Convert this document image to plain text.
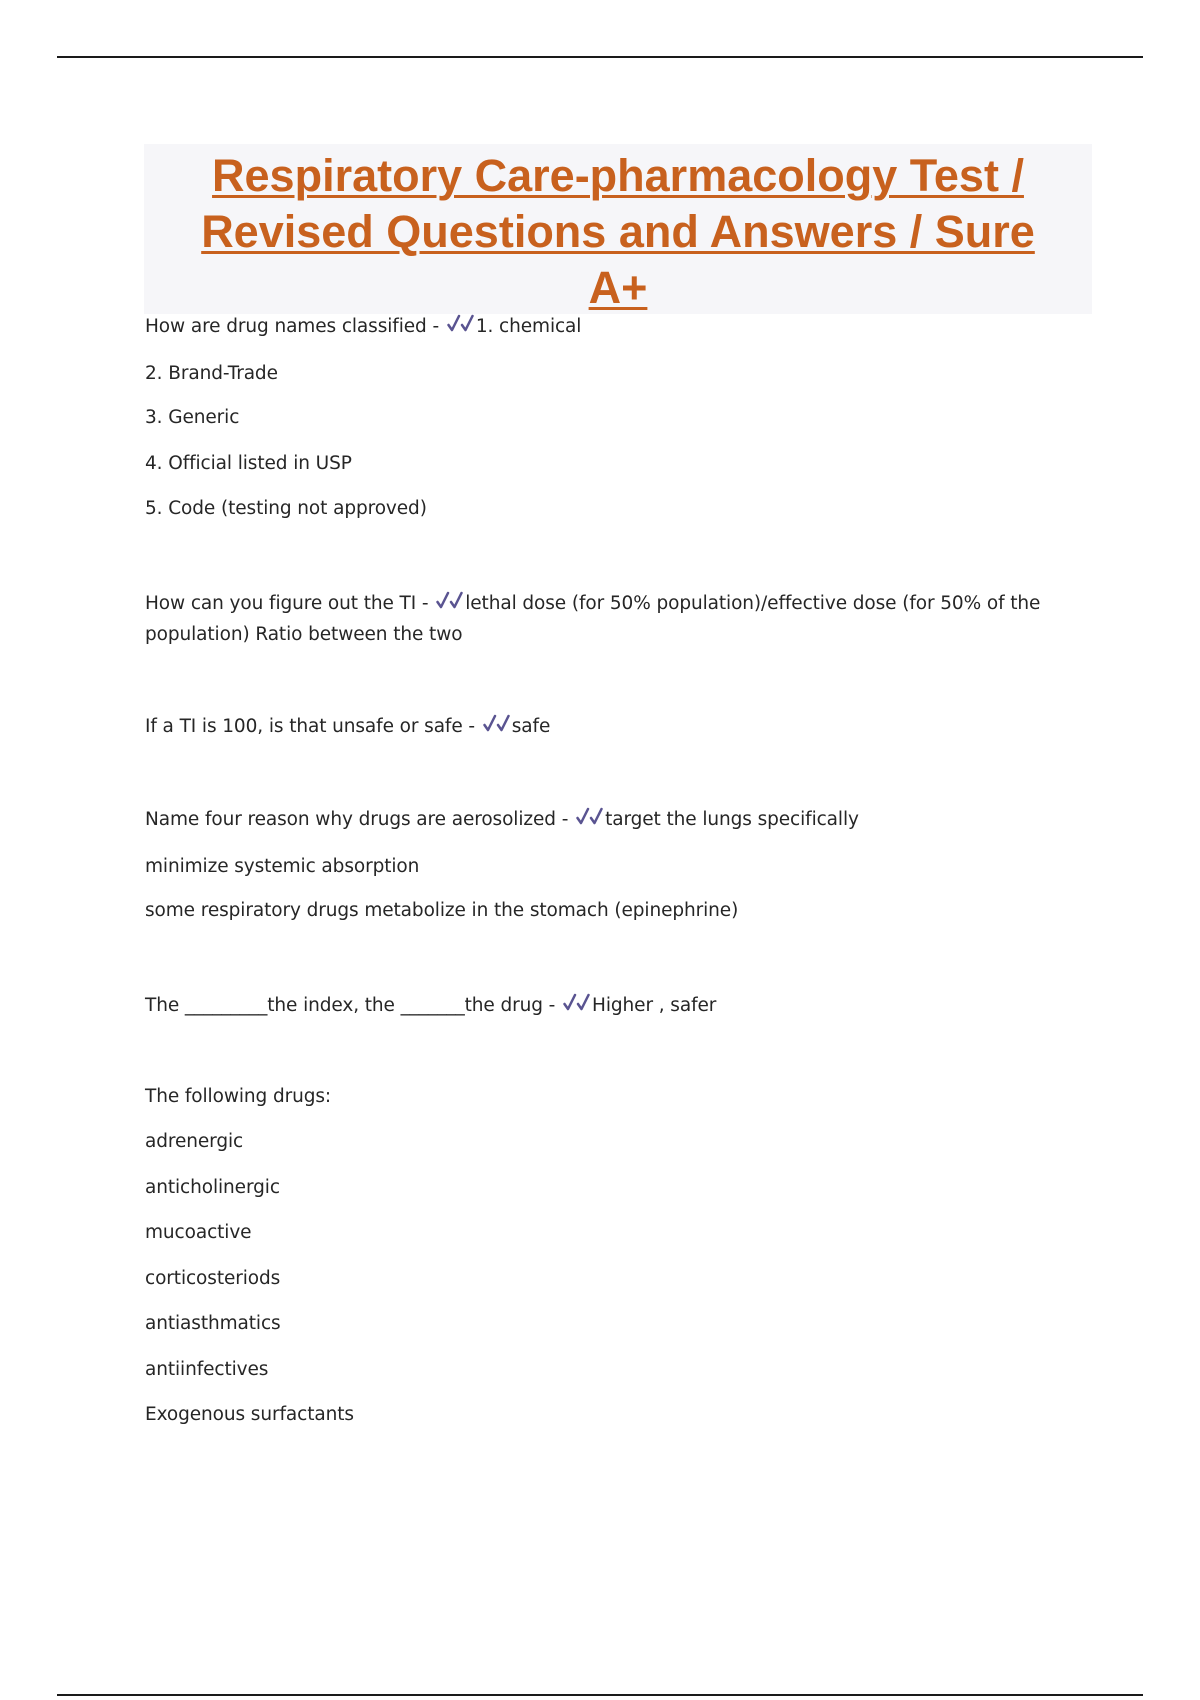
Respiratory Care-pharmacology Test /
Revised Questions and Answers / Sure
A+
How are drug names classified - 1. chemical
2. Brand-Trade
3. Generic
4. Official listed in USP
5. Code (testing not approved)
How can you figure out the TI - lethal dose (for 50% population)/effective dose (for 50% of the population) Ratio between the two
If a TI is 100, is that unsafe or safe - safe
Name four reason why drugs are aerosolized - target the lungs specifically
minimize systemic absorption
some respiratory drugs metabolize in the stomach (epinephrine)
The _________the index, the _______the drug - Higher , safer
The following drugs:
adrenergic
anticholinergic
mucoactive
corticosteriods
antiasthmatics
antiinfectives
Exogenous surfactants
